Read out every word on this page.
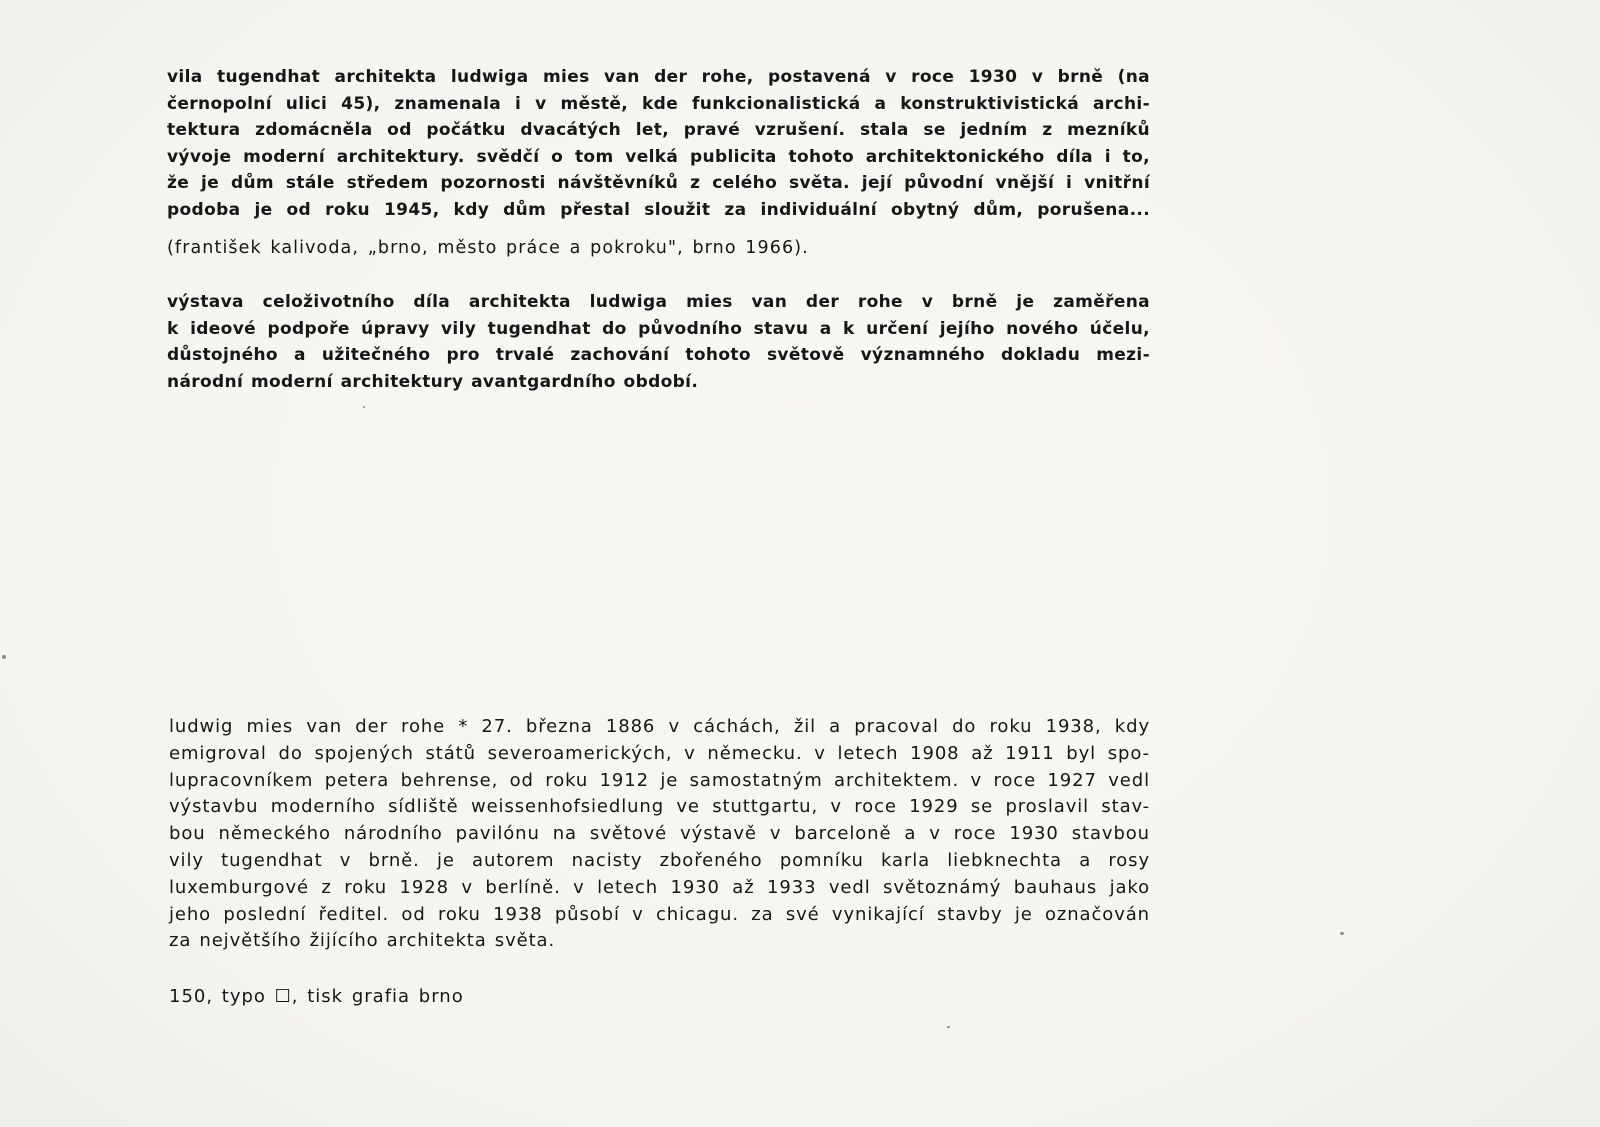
vila tugendhat architekta ludwiga mies van der rohe, postavená v roce 1930 v brně (na
černopolní ulici 45), znamenala i v městě, kde funkcionalistická a konstruktivistická archi-
tektura zdomácněla od počátku dvacátých let, pravé vzrušení. stala se jedním z mezníků
vývoje moderní architektury. svědčí o tom velká publicita tohoto architektonického díla i to,
že je dům stále středem pozornosti návštěvníků z celého světa. její původní vnější i vnitřní
podoba je od roku 1945, kdy dům přestal sloužit za individuální obytný dům, porušena...
(františek kalivoda, „brno, město práce a pokroku", brno 1966).
výstava celoživotního díla architekta ludwiga mies van der rohe v brně je zaměřena
k ideové podpoře úpravy vily tugendhat do původního stavu a k určení jejího nového účelu,
důstojného a užitečného pro trvalé zachování tohoto světově významného dokladu mezi-
národní moderní architektury avantgardního období.
ludwig mies van der rohe * 27. března 1886 v cáchách, žil a pracoval do roku 1938, kdy
emigroval do spojených států severoamerických, v německu. v letech 1908 až 1911 byl spo-
lupracovníkem petera behrense, od roku 1912 je samostatným architektem. v roce 1927 vedl
výstavbu moderního sídliště weissenhofsiedlung ve stuttgartu, v roce 1929 se proslavil stav-
bou německého národního pavilónu na světové výstavě v barceloně a v roce 1930 stavbou
vily tugendhat v brně. je autorem nacisty zbořeného pomníku karla liebknechta a rosy
luxemburgové z roku 1928 v berlíně. v letech 1930 až 1933 vedl světoznámý bauhaus jako
jeho poslední ředitel. od roku 1938 působí v chicagu. za své vynikající stavby je označován
za největšího žijícího architekta světa.
150, typo ☐, tisk grafia brno
